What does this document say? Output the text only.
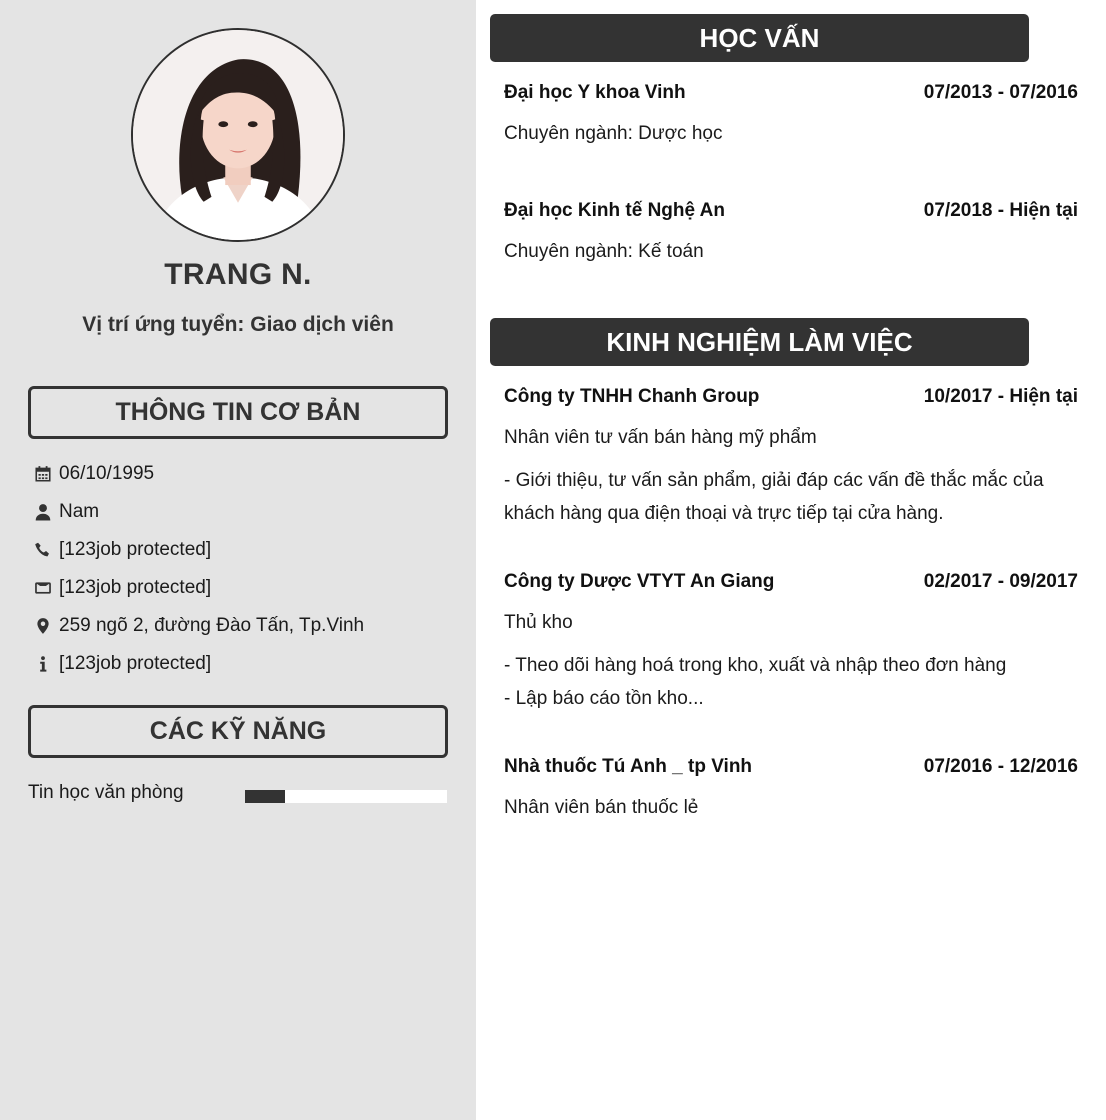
TRANG N.
Vị trí ứng tuyển: Giao dịch viên
THÔNG TIN CƠ BẢN
06/10/1995
Nam
[123job protected]
[123job protected]
259 ngõ 2, đường Đào Tấn, Tp.Vinh
[123job protected]
CÁC KỸ NĂNG
Tin học văn phòng
HỌC VẤN
Đại học Y khoa Vinh	07/2013 - 07/2016
Chuyên ngành: Dược học
Đại học Kinh tế Nghệ An	07/2018 - Hiện tại
Chuyên ngành: Kế toán
KINH NGHIỆM LÀM VIỆC
Công ty TNHH Chanh Group	10/2017 - Hiện tại
Nhân viên tư vấn bán hàng mỹ phẩm
- Giới thiệu, tư vấn sản phẩm, giải đáp các vấn đề thắc mắc của
khách hàng qua điện thoại và trực tiếp tại cửa hàng.
Công ty Dược VTYT An Giang	02/2017 - 09/2017
Thủ kho
- Theo dõi hàng hoá trong kho, xuất và nhập theo đơn hàng
- Lập báo cáo tồn kho...
Nhà thuốc Tú Anh _ tp Vinh	07/2016 - 12/2016
Nhân viên bán thuốc lẻ
